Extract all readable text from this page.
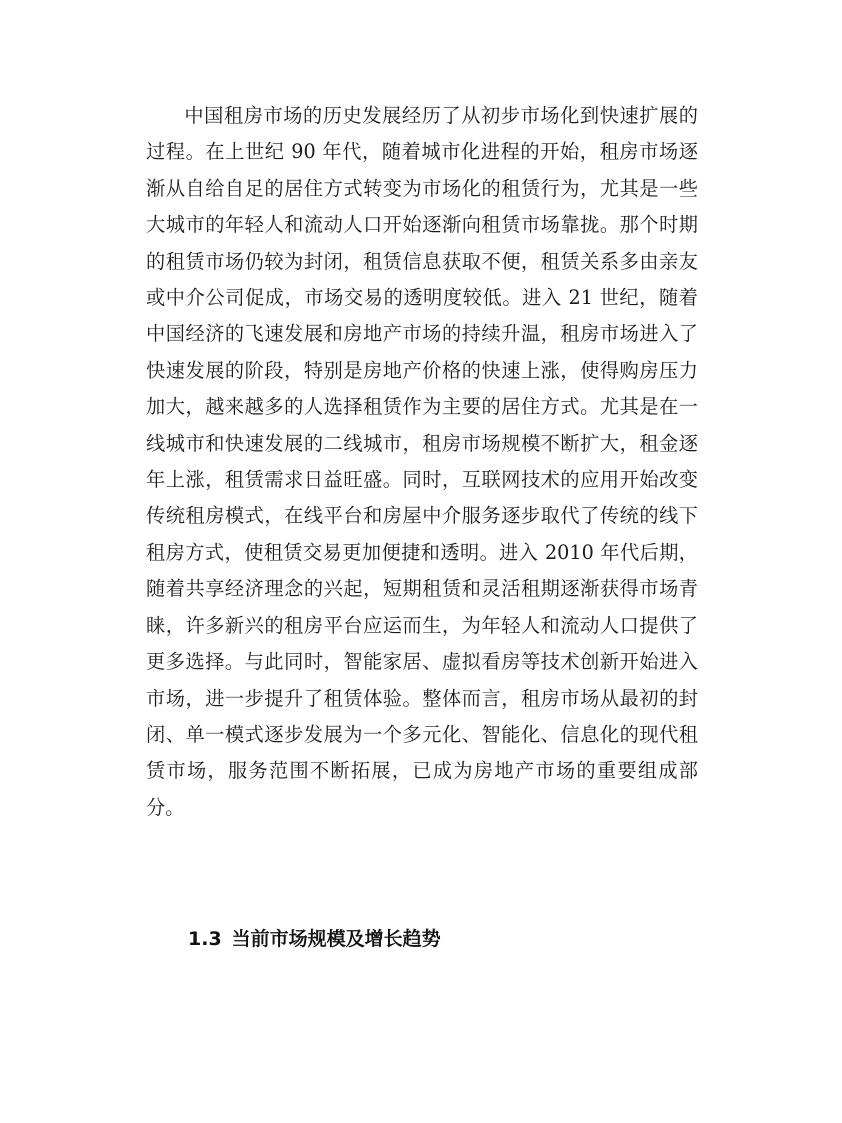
中国租房市场的历史发展经历了从初步市场化到快速扩展的过程。在上世纪 90 年代，随着城市化进程的开始，租房市场逐渐从自给自足的居住方式转变为市场化的租赁行为，尤其是一些大城市的年轻人和流动人口开始逐渐向租赁市场靠拢。那个时期的租赁市场仍较为封闭，租赁信息获取不便，租赁关系多由亲友或中介公司促成，市场交易的透明度较低。进入 21 世纪，随着中国经济的飞速发展和房地产市场的持续升温，租房市场进入了快速发展的阶段，特别是房地产价格的快速上涨，使得购房压力加大，越来越多的人选择租赁作为主要的居住方式。尤其是在一线城市和快速发展的二线城市，租房市场规模不断扩大，租金逐年上涨，租赁需求日益旺盛。同时，互联网技术的应用开始改变传统租房模式，在线平台和房屋中介服务逐步取代了传统的线下租房方式，使租赁交易更加便捷和透明。进入 2010 年代后期，随着共享经济理念的兴起，短期租赁和灵活租期逐渐获得市场青睐，许多新兴的租房平台应运而生，为年轻人和流动人口提供了更多选择。与此同时，智能家居、虚拟看房等技术创新开始进入市场，进一步提升了租赁体验。整体而言，租房市场从最初的封闭、单一模式逐步发展为一个多元化、智能化、信息化的现代租赁市场，服务范围不断拓展，已成为房地产市场的重要组成部分。

1.3 当前市场规模及增长趋势
